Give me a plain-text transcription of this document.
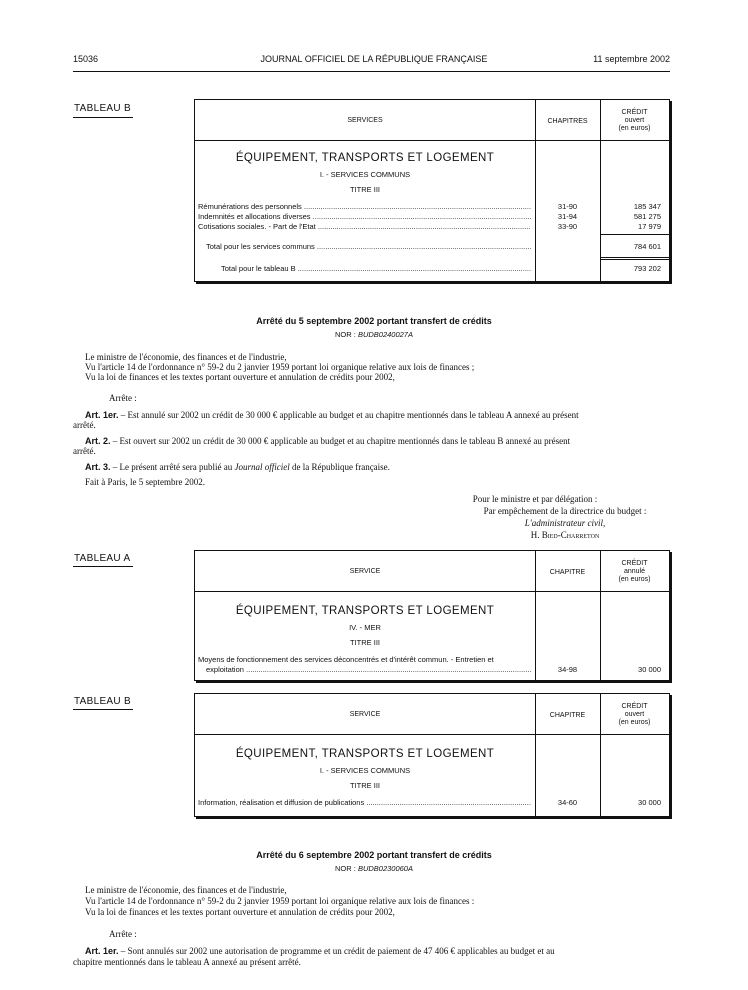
15036	JOURNAL OFFICIEL DE LA RÉPUBLIQUE FRANÇAISE	11 septembre 2002
TABLEAU B
SERVICES	CHAPITRES
CRÉDIT
ouvert
(en euros)
ÉQUIPEMENT, TRANSPORTS ET LOGEMENT
I. - SERVICES COMMUNS
TITRE III
Rémunérations des personnels .....	31-90	185 347
Indemnités et allocations diverses .....	31-94	581 275
Cotisations sociales. - Part de l'Etat .....	33-90	17 979
Total pour les services communs .....	784 601
Total pour le tableau B .....	793 202
Arrêté du 5 septembre 2002 portant transfert de crédits
NOR : BUDB0240027A
Le ministre de l'économie, des finances et de l'industrie,
Vu l'article 14 de l'ordonnance n° 59-2 du 2 janvier 1959 portant loi organique relative aux lois de finances ;
Vu la loi de finances et les textes portant ouverture et annulation de crédits pour 2002,
Arrête :
Art. 1er. – Est annulé sur 2002 un crédit de 30 000 € applicable au budget et au chapitre mentionnés dans le tableau A annexé au présent
arrêté.
Art. 2. – Est ouvert sur 2002 un crédit de 30 000 € applicable au budget et au chapitre mentionnés dans le tableau B annexé au présent
arrêté.
Art. 3. – Le présent arrêté sera publié au Journal officiel de la République française.
Fait à Paris, le 5 septembre 2002.
Pour le ministre et par délégation :
Par empêchement de la directrice du budget :
L'administrateur civil,
H. Bied-Charreton
TABLEAU A
SERVICE	CHAPITRE
CRÉDIT
annulé
(en euros)
ÉQUIPEMENT, TRANSPORTS ET LOGEMENT
IV. - MER
TITRE III
Moyens de fonctionnement des services déconcentrés et d'intérêt commun. - Entretien et
exploitation .....	34-98	30 000
TABLEAU B
SERVICE	CHAPITRE
CRÉDIT
ouvert
(en euros)
ÉQUIPEMENT, TRANSPORTS ET LOGEMENT
I. - SERVICES COMMUNS
TITRE III
Information, réalisation et diffusion de publications .....	34-60	30 000
Arrêté du 6 septembre 2002 portant transfert de crédits
NOR : BUDB0230060A
Le ministre de l'économie, des finances et de l'industrie,
Vu l'article 14 de l'ordonnance n° 59-2 du 2 janvier 1959 portant loi organique relative aux lois de finances :
Vu la loi de finances et les textes portant ouverture et annulation de crédits pour 2002,
Arrête :
Art. 1er. – Sont annulés sur 2002 une autorisation de programme et un crédit de paiement de 47 406 € applicables au budget et au
chapitre mentionnés dans le tableau A annexé au présent arrêté.
